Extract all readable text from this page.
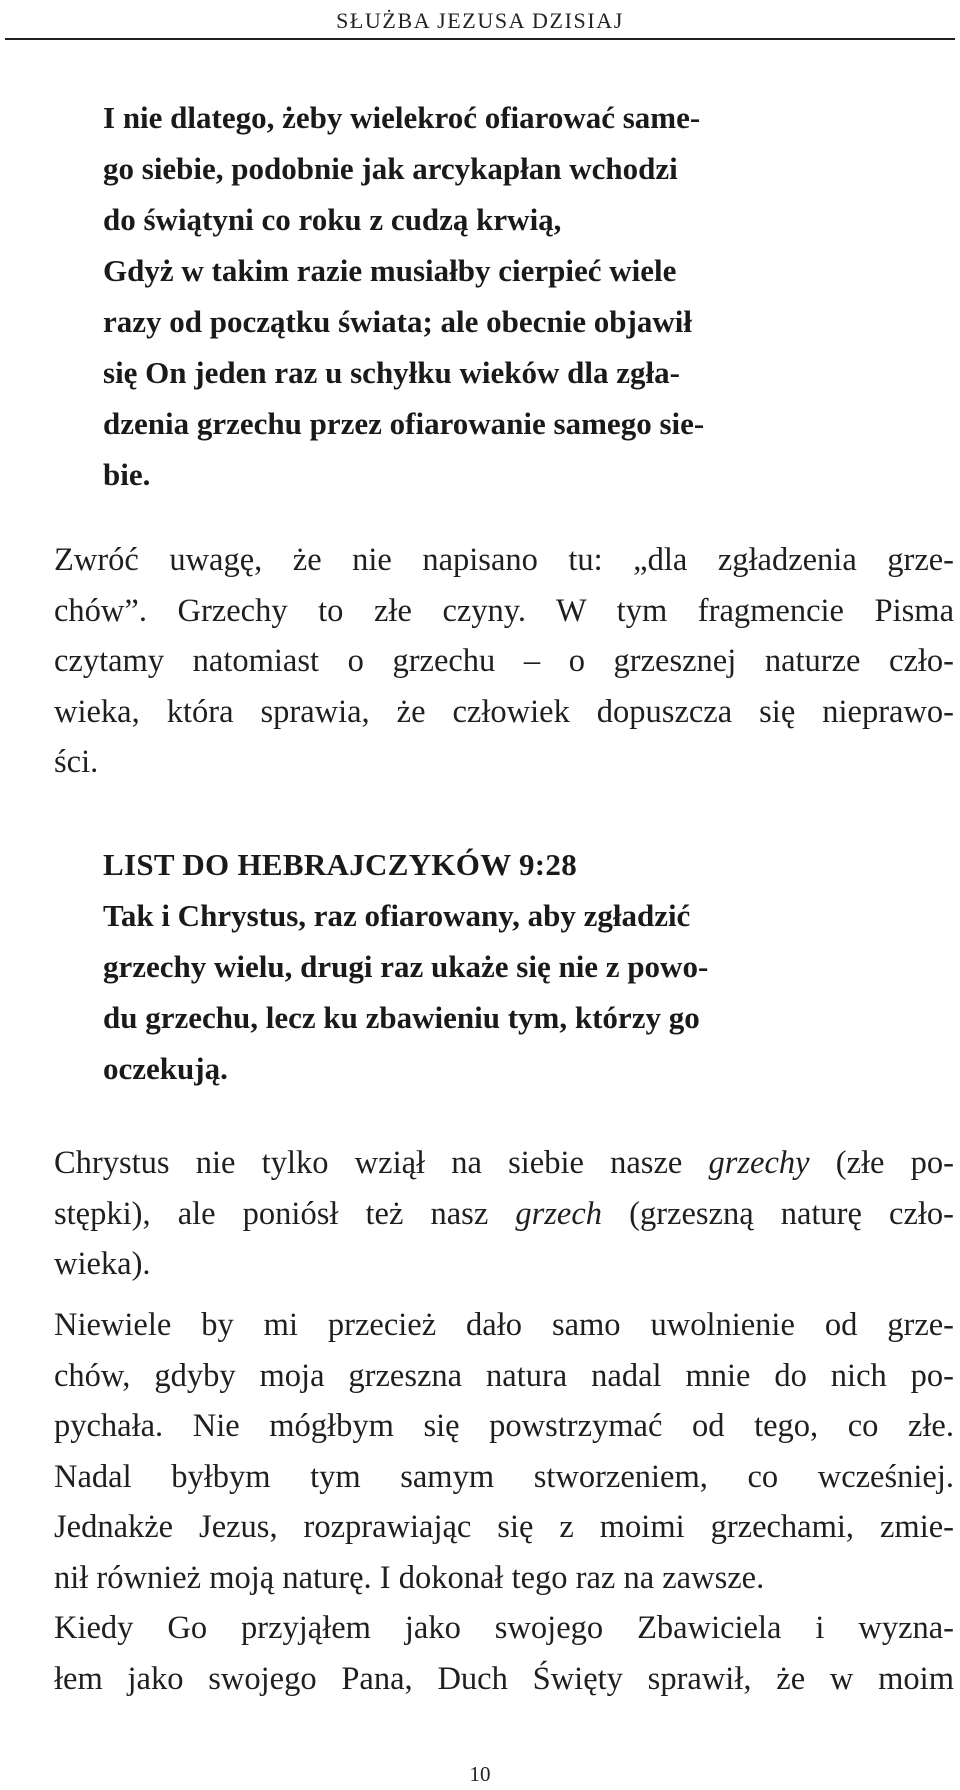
SŁUŻBA JEZUSA DZISIAJ
I nie dlatego, żeby wielekroć ofiarować same-
go siebie, podobnie jak arcykapłan wchodzi
do świątyni co roku z cudzą krwią,
Gdyż w takim razie musiałby cierpieć wiele
razy od początku świata; ale obecnie objawił
się On jeden raz u schyłku wieków dla zgła-
dzenia grzechu przez ofiarowanie samego sie-
bie.
Zwróć uwagę, że nie napisano tu: „dla zgładzenia grze-
chów”. Grzechy to złe czyny. W tym fragmencie Pisma
czytamy natomiast o grzechu – o grzesznej naturze czło-
wieka, która sprawia, że człowiek dopuszcza się nieprawo-
ści.
LIST DO HEBRAJCZYKÓW 9:28
Tak i Chrystus, raz ofiarowany, aby zgładzić
grzechy wielu, drugi raz ukaże się nie z powo-
du grzechu, lecz ku zbawieniu tym, którzy go
oczekują.
Chrystus nie tylko wziął na siebie nasze grzechy (złe po-
stępki), ale poniósł też nasz grzech (grzeszną naturę czło-
wieka).
Niewiele by mi przecież dało samo uwolnienie od grze-
chów, gdyby moja grzeszna natura nadal mnie do nich po-
pychała. Nie mógłbym się powstrzymać od tego, co złe.
Nadal byłbym tym samym stworzeniem, co wcześniej.
Jednakże Jezus, rozprawiając się z moimi grzechami, zmie-
nił również moją naturę. I dokonał tego raz na zawsze.
Kiedy Go przyjąłem jako swojego Zbawiciela i wyzna-
łem jako swojego Pana, Duch Święty sprawił, że w moim
10
